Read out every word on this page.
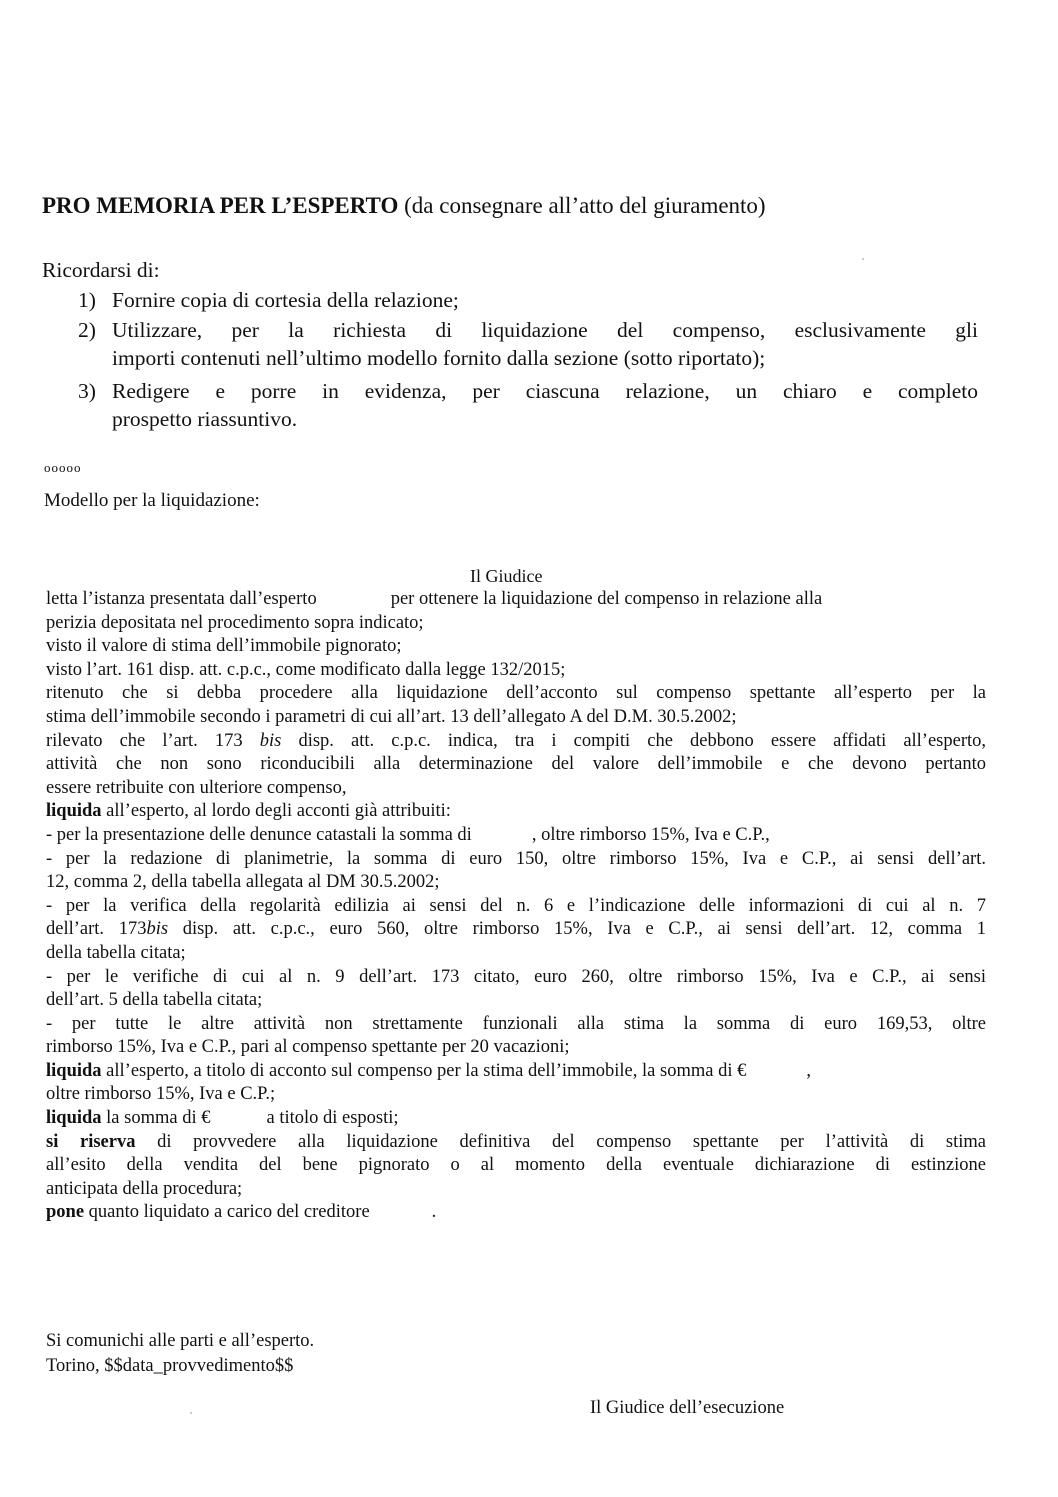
PRO MEMORIA PER L’ESPERTO (da consegnare all’atto del giuramento)
Ricordarsi di:
1) Fornire copia di cortesia della relazione;
2) Utilizzare, per la richiesta di liquidazione del compenso, esclusivamente gli
importi contenuti nell’ultimo modello fornito dalla sezione (sotto riportato);
3) Redigere e porre in evidenza, per ciascuna relazione, un chiaro e completo
prospetto riassuntivo.
ooooo
Modello per la liquidazione:
Il Giudice
letta l’istanza presentata dall’esperto	per ottenere la liquidazione del compenso in relazione alla
perizia depositata nel procedimento sopra indicato;
visto il valore di stima dell’immobile pignorato;
visto l’art. 161 disp. att. c.p.c., come modificato dalla legge 132/2015;
ritenuto che si debba procedere alla liquidazione dell’acconto sul compenso spettante all’esperto per la
stima dell’immobile secondo i parametri di cui all’art. 13 dell’allegato A del D.M. 30.5.2002;
rilevato che l’art. 173 bis disp. att. c.p.c. indica, tra i compiti che debbono essere affidati all’esperto,
attività che non sono riconducibili alla determinazione del valore dell’immobile e che devono pertanto
essere retribuite con ulteriore compenso,
liquida all’esperto, al lordo degli acconti già attribuiti:
- per la presentazione delle denunce catastali la somma di	, oltre rimborso 15%, Iva e C.P.,
- per la redazione di planimetrie, la somma di euro 150, oltre rimborso 15%, Iva e C.P., ai sensi dell’art.
12, comma 2, della tabella allegata al DM 30.5.2002;
- per la verifica della regolarità edilizia ai sensi del n. 6 e l’indicazione delle informazioni di cui al n. 7
dell’art. 173bis disp. att. c.p.c., euro 560, oltre rimborso 15%, Iva e C.P., ai sensi dell’art. 12, comma 1
della tabella citata;
- per le verifiche di cui al n. 9 dell’art. 173 citato, euro 260, oltre rimborso 15%, Iva e C.P., ai sensi
dell’art. 5 della tabella citata;
- per tutte le altre attività non strettamente funzionali alla stima la somma di euro 169,53, oltre
rimborso 15%, Iva e C.P., pari al compenso spettante per 20 vacazioni;
liquida all’esperto, a titolo di acconto sul compenso per la stima dell’immobile, la somma di €	,
oltre rimborso 15%, Iva e C.P.;
liquida la somma di €	a titolo di esposti;
si riserva di provvedere alla liquidazione definitiva del compenso spettante per l’attività di stima
all’esito della vendita del bene pignorato o al momento della eventuale dichiarazione di estinzione
anticipata della procedura;
pone quanto liquidato a carico del creditore	.
Si comunichi alle parti e all’esperto.
Torino, $$data_provvedimento$$
Il Giudice dell’esecuzione
